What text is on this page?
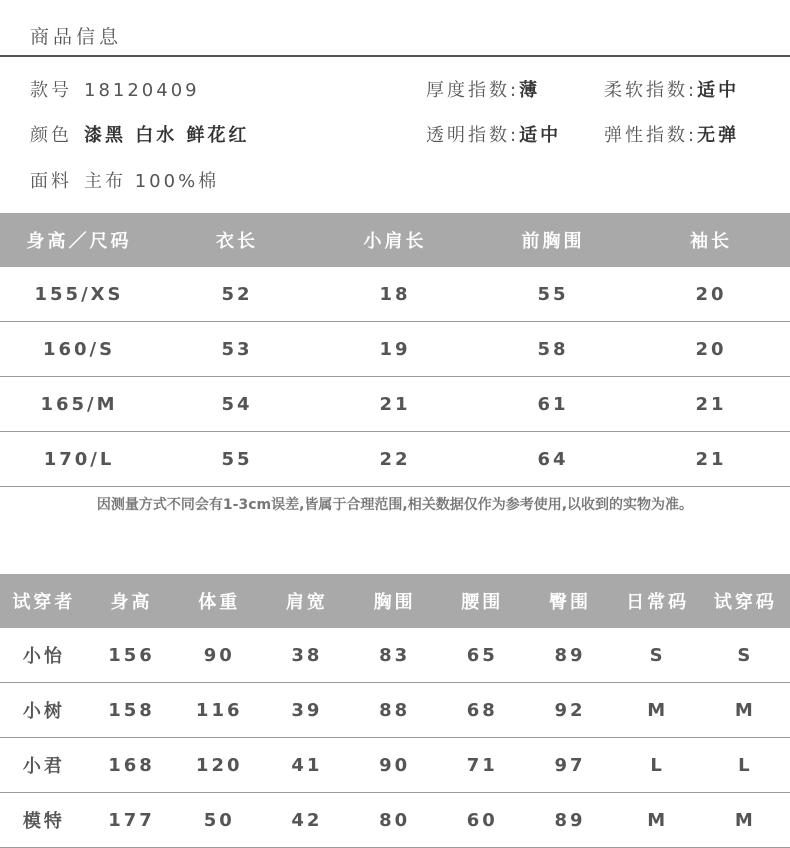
商品信息
款号 18120409
颜色 漆黑 白水 鲜花红
面料 主布 100%棉
厚度指数:薄	柔软指数:适中
透明指数:适中 弹性指数:无弹
身高／尺码	衣长	小肩长	前胸围	袖长
155/XS	52	18	55	20
160/S	53	19	58	20
165/M	54	21	61	21
170/L	55	22	64	21
因测量方式不同会有1-3cm误差,皆属于合理范围,相关数据仅作为参考使用,以收到的实物为准。
试穿者	身高	体重	肩宽	胸围	腰围	臀围	日常码	试穿码
小怡	156	90	38	83	65	89	S	S
小树	158	116	39	88	68	92	M	M
小君	168	120	41	90	71	97	L	L
模特	177	50	42	80	60	89	M	M
